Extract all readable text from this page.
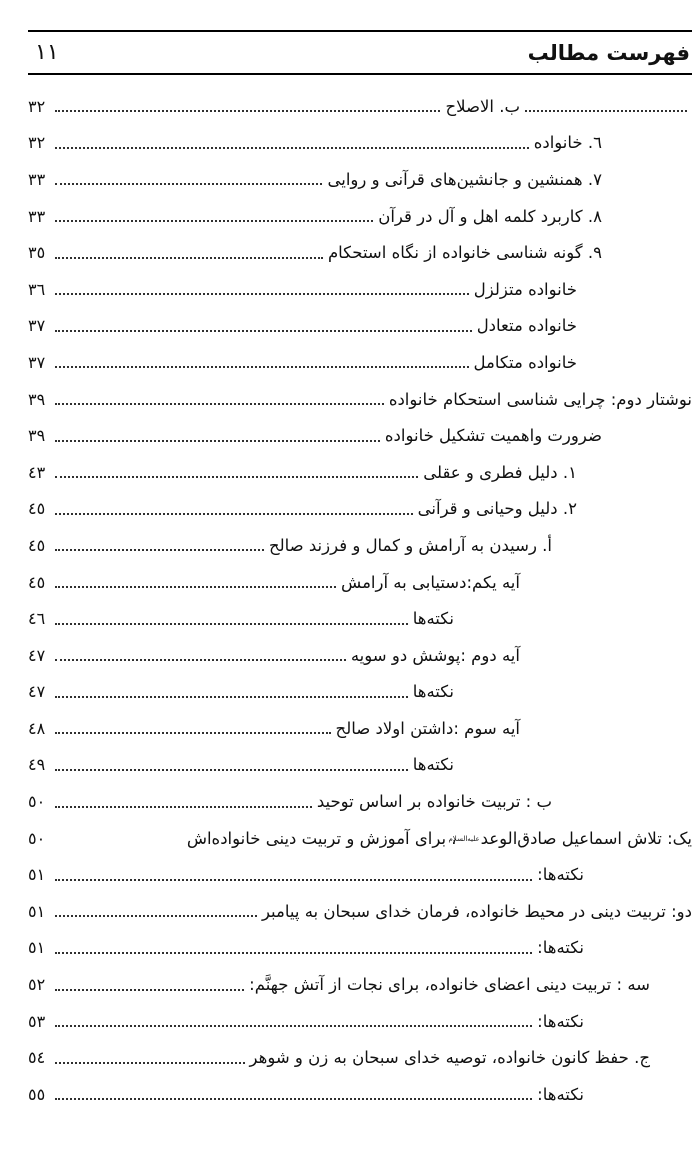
فهرست مطالب
١١
ب. الاصلاح
٣٢
٦. خانواده
٣٢
٧. همنشین و جانشین‌های قرآنی و روایی
٣٣
٨. کاربرد کلمه اهل و آل در قرآن
٣٣
٩. گونه شناسی خانواده از نگاه استحکام
٣٥
خانواده متزلزل
٣٦
خانواده متعادل
٣٧
خانواده متکامل
٣٧
نوشتار دوم: چرایی شناسی استحکام خانواده
٣٩
ضرورت واهمیت تشکیل خانواده
٣٩
١. دلیل فطری و عقلی
٤٣
٢. دلیل وحیانی و قرآنی
٤٥
أ. رسیدن به آرامش و کمال و فرزند صالح
٤٥
آیه یکم:دستیابی به آرامش
٤٥
نکته‌ها
٤٦
آیه دوم :پوشش دو سویه
٤٧
نکته‌ها
٤٧
آیه سوم :داشتن اولاد صالح
٤٨
نکته‌ها
٤٩
ب : تربیت خانواده بر اساس توحید
٥٠
یک: تلاش اسماعیل صادق‌الوعدعلیه‌السلام، برای آموزش و تربیت دینی خانواده‌اش
٥٠
نکته‌ها:
٥١
دو: تربیت دینی در محیط خانواده، فرمان خدای سبحان به پیامبر
٥١
نکته‌ها:
٥١
سه : تربیت دینی اعضای خانواده، برای نجات از آتش جهنَّم:
٥٢
نکته‌ها:
٥٣
ج. حفظ کانون خانواده، توصیه خدای سبحان به زن و شوهر
٥٤
نکته‌ها:
٥٥
